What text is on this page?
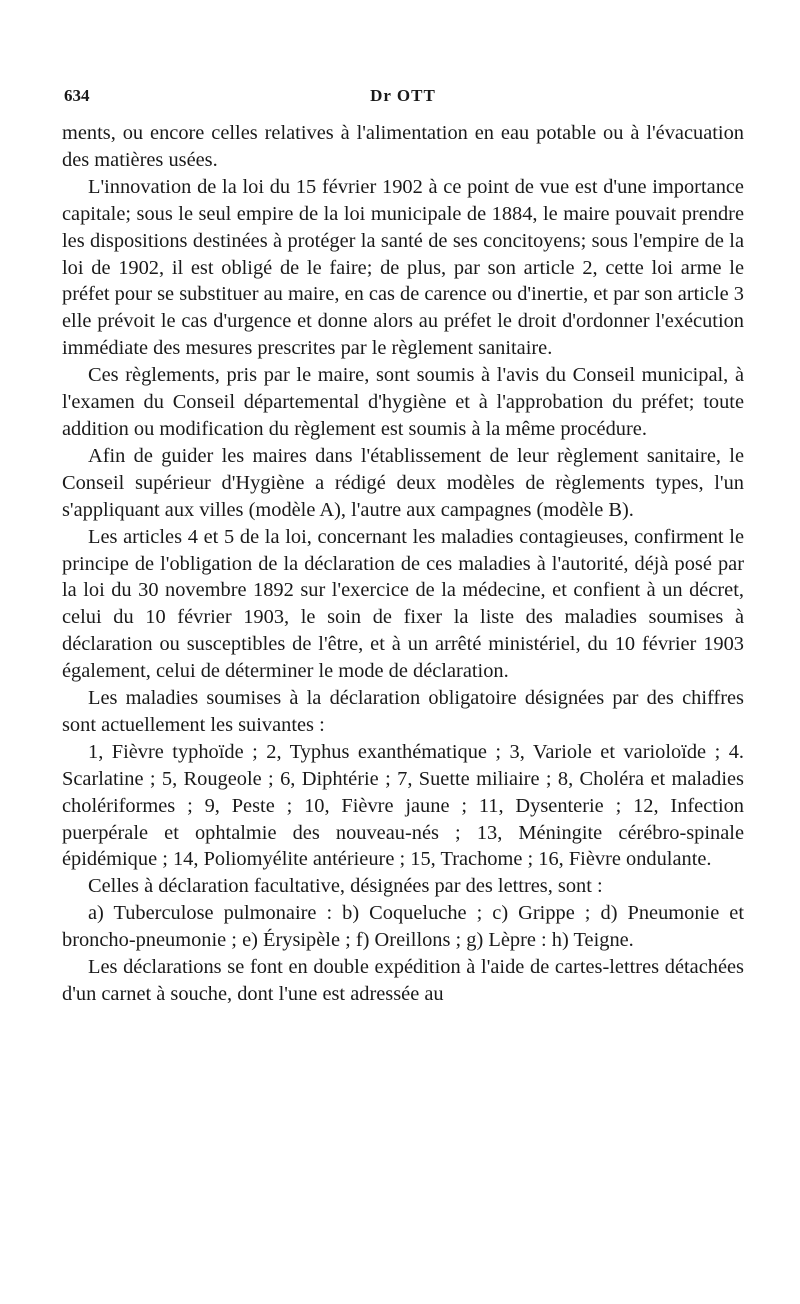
634	Dr OTT

ments, ou encore celles relatives à l'alimentation en eau potable ou à l'évacuation des matières usées.

L'innovation de la loi du 15 février 1902 à ce point de vue est d'une importance capitale; sous le seul empire de la loi municipale de 1884, le maire pouvait prendre les dispositions destinées à protéger la santé de ses concitoyens; sous l'empire de la loi de 1902, il est obligé de le faire; de plus, par son article 2, cette loi arme le préfet pour se substituer au maire, en cas de carence ou d'inertie, et par son article 3 elle prévoit le cas d'urgence et donne alors au préfet le droit d'ordonner l'exécution immédiate des mesures prescrites par le règlement sanitaire.

Ces règlements, pris par le maire, sont soumis à l'avis du Conseil municipal, à l'examen du Conseil départemental d'hygiène et à l'approbation du préfet; toute addition ou modification du règlement est soumis à la même procédure.

Afin de guider les maires dans l'établissement de leur règlement sanitaire, le Conseil supérieur d'Hygiène a rédigé deux modèles de règlements types, l'un s'appliquant aux villes (modèle A), l'autre aux campagnes (modèle B).

Les articles 4 et 5 de la loi, concernant les maladies contagieuses, confirment le principe de l'obligation de la déclaration de ces maladies à l'autorité, déjà posé par la loi du 30 novembre 1892 sur l'exercice de la médecine, et confient à un décret, celui du 10 février 1903, le soin de fixer la liste des maladies soumises à déclaration ou susceptibles de l'être, et à un arrêté ministériel, du 10 février 1903 également, celui de déterminer le mode de déclaration.

Les maladies soumises à la déclaration obligatoire désignées par des chiffres sont actuellement les suivantes :

1, Fièvre typhoïde ; 2, Typhus exanthématique ; 3, Variole et varioloïde ; 4. Scarlatine ; 5, Rougeole ; 6, Diphtérie ; 7, Suette miliaire ; 8, Choléra et maladies cholériformes ; 9, Peste ; 10, Fièvre jaune ; 11, Dysenterie ; 12, Infection puerpérale et ophtalmie des nouveau-nés ; 13, Méningite cérébro-spinale épidémique ; 14, Poliomyélite antérieure ; 15, Trachome ; 16, Fièvre ondulante.

Celles à déclaration facultative, désignées par des lettres, sont :

a) Tuberculose pulmonaire : b) Coqueluche ; c) Grippe ; d) Pneumonie et broncho-pneumonie ; e) Érysipèle ; f) Oreillons ; g) Lèpre : h) Teigne.

Les déclarations se font en double expédition à l'aide de cartes-lettres détachées d'un carnet à souche, dont l'une est adressée au
